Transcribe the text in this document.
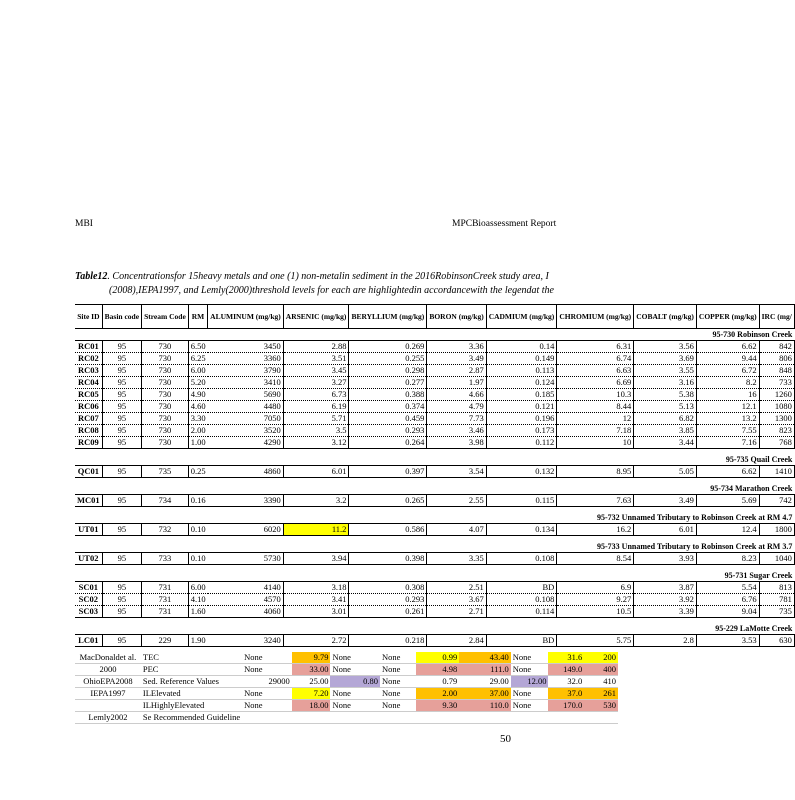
MBI	MPCBioassessment Report
Table12. Concentrationsfor 15heavy metals and one (1) non-metalin sediment in the 2016RobinsonCreek study area, I
(2008),IEPA1997, and Lemly(2000)threshold levels for each are highlightedin accordancewith the legendat the
Site ID	Basin code	Stream Code	RM	ALUMINUM (mg/kg)	ARSENIC (mg/kg)	BERYLLIUM (mg/kg)	BORON (mg/kg)	CADMIUM (mg/kg)	CHROMIUM (mg/kg)	COBALT (mg/kg)	COPPER (mg/kg)	IRC (mg/
95-730 Robinson Creek												
RC01	95	730	6.50	3450	2.88	0.269	3.36	0.14	6.31	3.56	6.62	842
RC02	95	730	6.25	3360	3.51	0.255	3.49	0.149	6.74	3.69	9.44	806
RC03	95	730	6.00	3790	3.45	0.298	2.87	0.113	6.63	3.55	6.72	848
RC04	95	730	5.20	3410	3.27	0.277	1.97	0.124	6.69	3.16	8.2	733
RC05	95	730	4.90	5690	6.73	0.388	4.66	0.185	10.3	5.38	16	1260
RC06	95	730	4.60	4480	6.19	0.374	4.79	0.121	8.44	5.13	12.1	1080
RC07	95	730	3.30	7050	5.71	0.459	7.73	0.196	12	6.82	13.2	1300
RC08	95	730	2.00	3520	3.5	0.293	3.46	0.173	7.18	3.85	7.55	823
RC09	95	730	1.00	4290	3.12	0.264	3.98	0.112	10	3.44	7.16	768

95-735 Quail Creek												
QC01	95	735	0.25	4860	6.01	0.397	3.54	0.132	8.95	5.05	6.62	1410

95-734 Marathon Creek												
MC01	95	734	0.16	3390	3.2	0.265	2.55	0.115	7.63	3.49	5.69	742

95-732 Unnamed Tributary to Robinson Creek at RM 4.7												
UT01	95	732	0.10	6020	11.2	0.586	4.07	0.134	16.2	6.01	12.4	1800

95-733 Unnamed Tributary to Robinson Creek at RM 3.7												
UT02	95	733	0.10	5730	3.94	0.398	3.35	0.108	8.54	3.93	8.23	1040

95-731 Sugar Creek												
SC01	95	731	6.00	4140	3.18	0.308	2.51	BD	6.9	3.87	5.54	813
SC02	95	731	4.10	4570	3.41	0.293	3.67	0.108	9.27	3.92	6.76	781
SC03	95	731	1.60	4060	3.01	0.261	2.71	0.114	10.5	3.39	9.04	735

95-229 LaMotte Creek												
LC01	95	229	1.90	3240	2.72	0.218	2.84	BD	5.75	2.8	3.53	630
MacDonaldet al.	TEC	None	9.79	None	None	0.99	43.40	None	31.6	200
2000	PEC	None	33.00	None	None	4.98	111.0	None	149.0	400
OhioEPA2008	Sed. Reference Values	29000	25.00	0.80	None	0.79	29.00	12.00	32.0	410
IEPA1997	ILElevated	None	7.20	None	None	2.00	37.00	None	37.0	261
	ILHighlyElevated	None	18.00	None	None	9.30	110.0	None	170.0	530
Lemly2002	Se Recommended Guideline									
50
